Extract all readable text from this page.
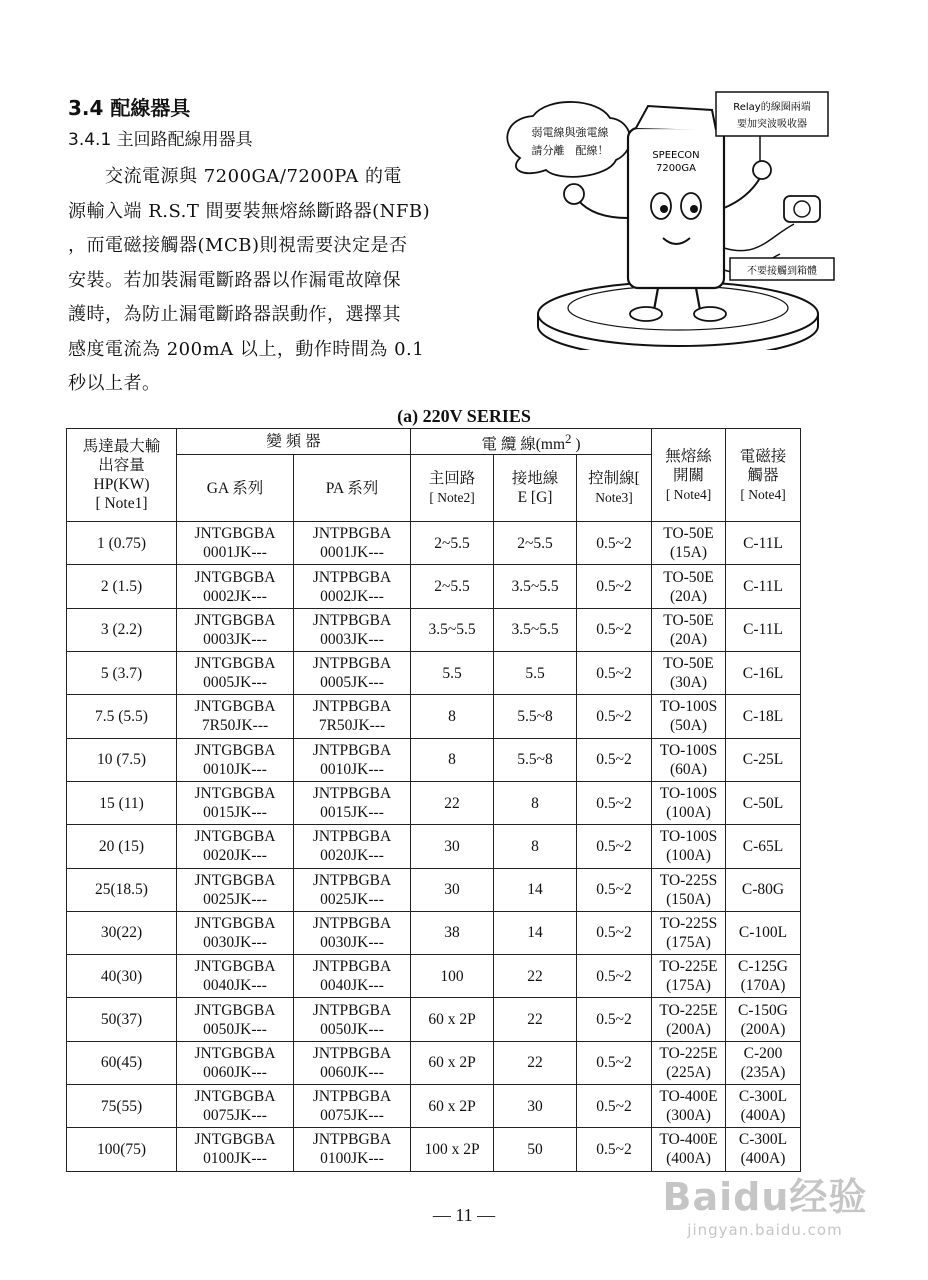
3.4 配線器具
3.4.1 主回路配線用器具

　　交流電源與 7200GA/7200PA 的電

源輸入端 R.S.T 間要裝無熔絲斷路器(NFB)

，而電磁接觸器(MCB)則視需要決定是否

安裝。若加裝漏電斷路器以作漏電故障保

護時，為防止漏電斷路器誤動作，選擇其

感度電流為 200mA 以上，動作時間為 0.1

秒以上者。

弱電線與強電線
請分離　配線！	SPEECON
7200GA
Relay的線圈兩端
要加突波吸收器
不要接觸到箱體
(a) 220V SERIES
馬達最大輸
出容量
HP(KW)
[ Note1]	變 頻 器		電 纜 線($mm^2$ )			無熔絲
開關
[ Note4]	電磁接
觸器
[ Note4]

	GA 系列	PA 系列	主回路
[ Note2]	接地線
E [G]	控制線[
Note3]		

1 (0.75)	JNTGBGBA
0001JK---	JNTPBGBA
0001JK---	2~5.5	2~5.5	0.5~2	TO-50E
(15A)	C-11L

2 (1.5)	JNTGBGBA
0002JK---	JNTPBGBA
0002JK---	2~5.5	3.5~5.5	0.5~2	TO-50E
(20A)	C-11L

3 (2.2)	JNTGBGBA
0003JK---	JNTPBGBA
0003JK---	3.5~5.5	3.5~5.5	0.5~2	TO-50E
(20A)	C-11L

5 (3.7)	JNTGBGBA
0005JK---	JNTPBGBA
0005JK---	5.5	5.5	0.5~2	TO-50E
(30A)	C-16L

7.5 (5.5)	JNTGBGBA
7R50JK---	JNTPBGBA
7R50JK---	8	5.5~8	0.5~2	TO-100S
(50A)	C-18L

10 (7.5)	JNTGBGBA
0010JK---	JNTPBGBA
0010JK---	8	5.5~8	0.5~2	TO-100S
(60A)	C-25L

15 (11)	JNTGBGBA
0015JK---	JNTPBGBA
0015JK---	22	8	0.5~2	TO-100S
(100A)	C-50L

20 (15)	JNTGBGBA
0020JK---	JNTPBGBA
0020JK---	30	8	0.5~2	TO-100S
(100A)	C-65L

25(18.5)	JNTGBGBA
0025JK---	JNTPBGBA
0025JK---	30	14	0.5~2	TO-225S
(150A)	C-80G

30(22)	JNTGBGBA
0030JK---	JNTPBGBA
0030JK---	38	14	0.5~2	TO-225S
(175A)	C-100L

40(30)	JNTGBGBA
0040JK---	JNTPBGBA
0040JK---	100	22	0.5~2	TO-225E
(175A)	C-125G
(170A)

50(37)	JNTGBGBA
0050JK---	JNTPBGBA
0050JK---	60 x 2P	22	0.5~2	TO-225E
(200A)	C-150G
(200A)

60(45)	JNTGBGBA
0060JK---	JNTPBGBA
0060JK---	60 x 2P	22	0.5~2	TO-225E
(225A)	C-200
(235A)

75(55)	JNTGBGBA
0075JK---	JNTPBGBA
0075JK---	60 x 2P	30	0.5~2	TO-400E
(300A)	C-300L
(400A)

100(75)	JNTGBGBA
0100JK---	JNTPBGBA
0100JK---	100 x 2P	50	0.5~2	TO-400E
(400A)	C-300L
(400A)
— 11 —	Baidu经验
jingyan.baidu.com
